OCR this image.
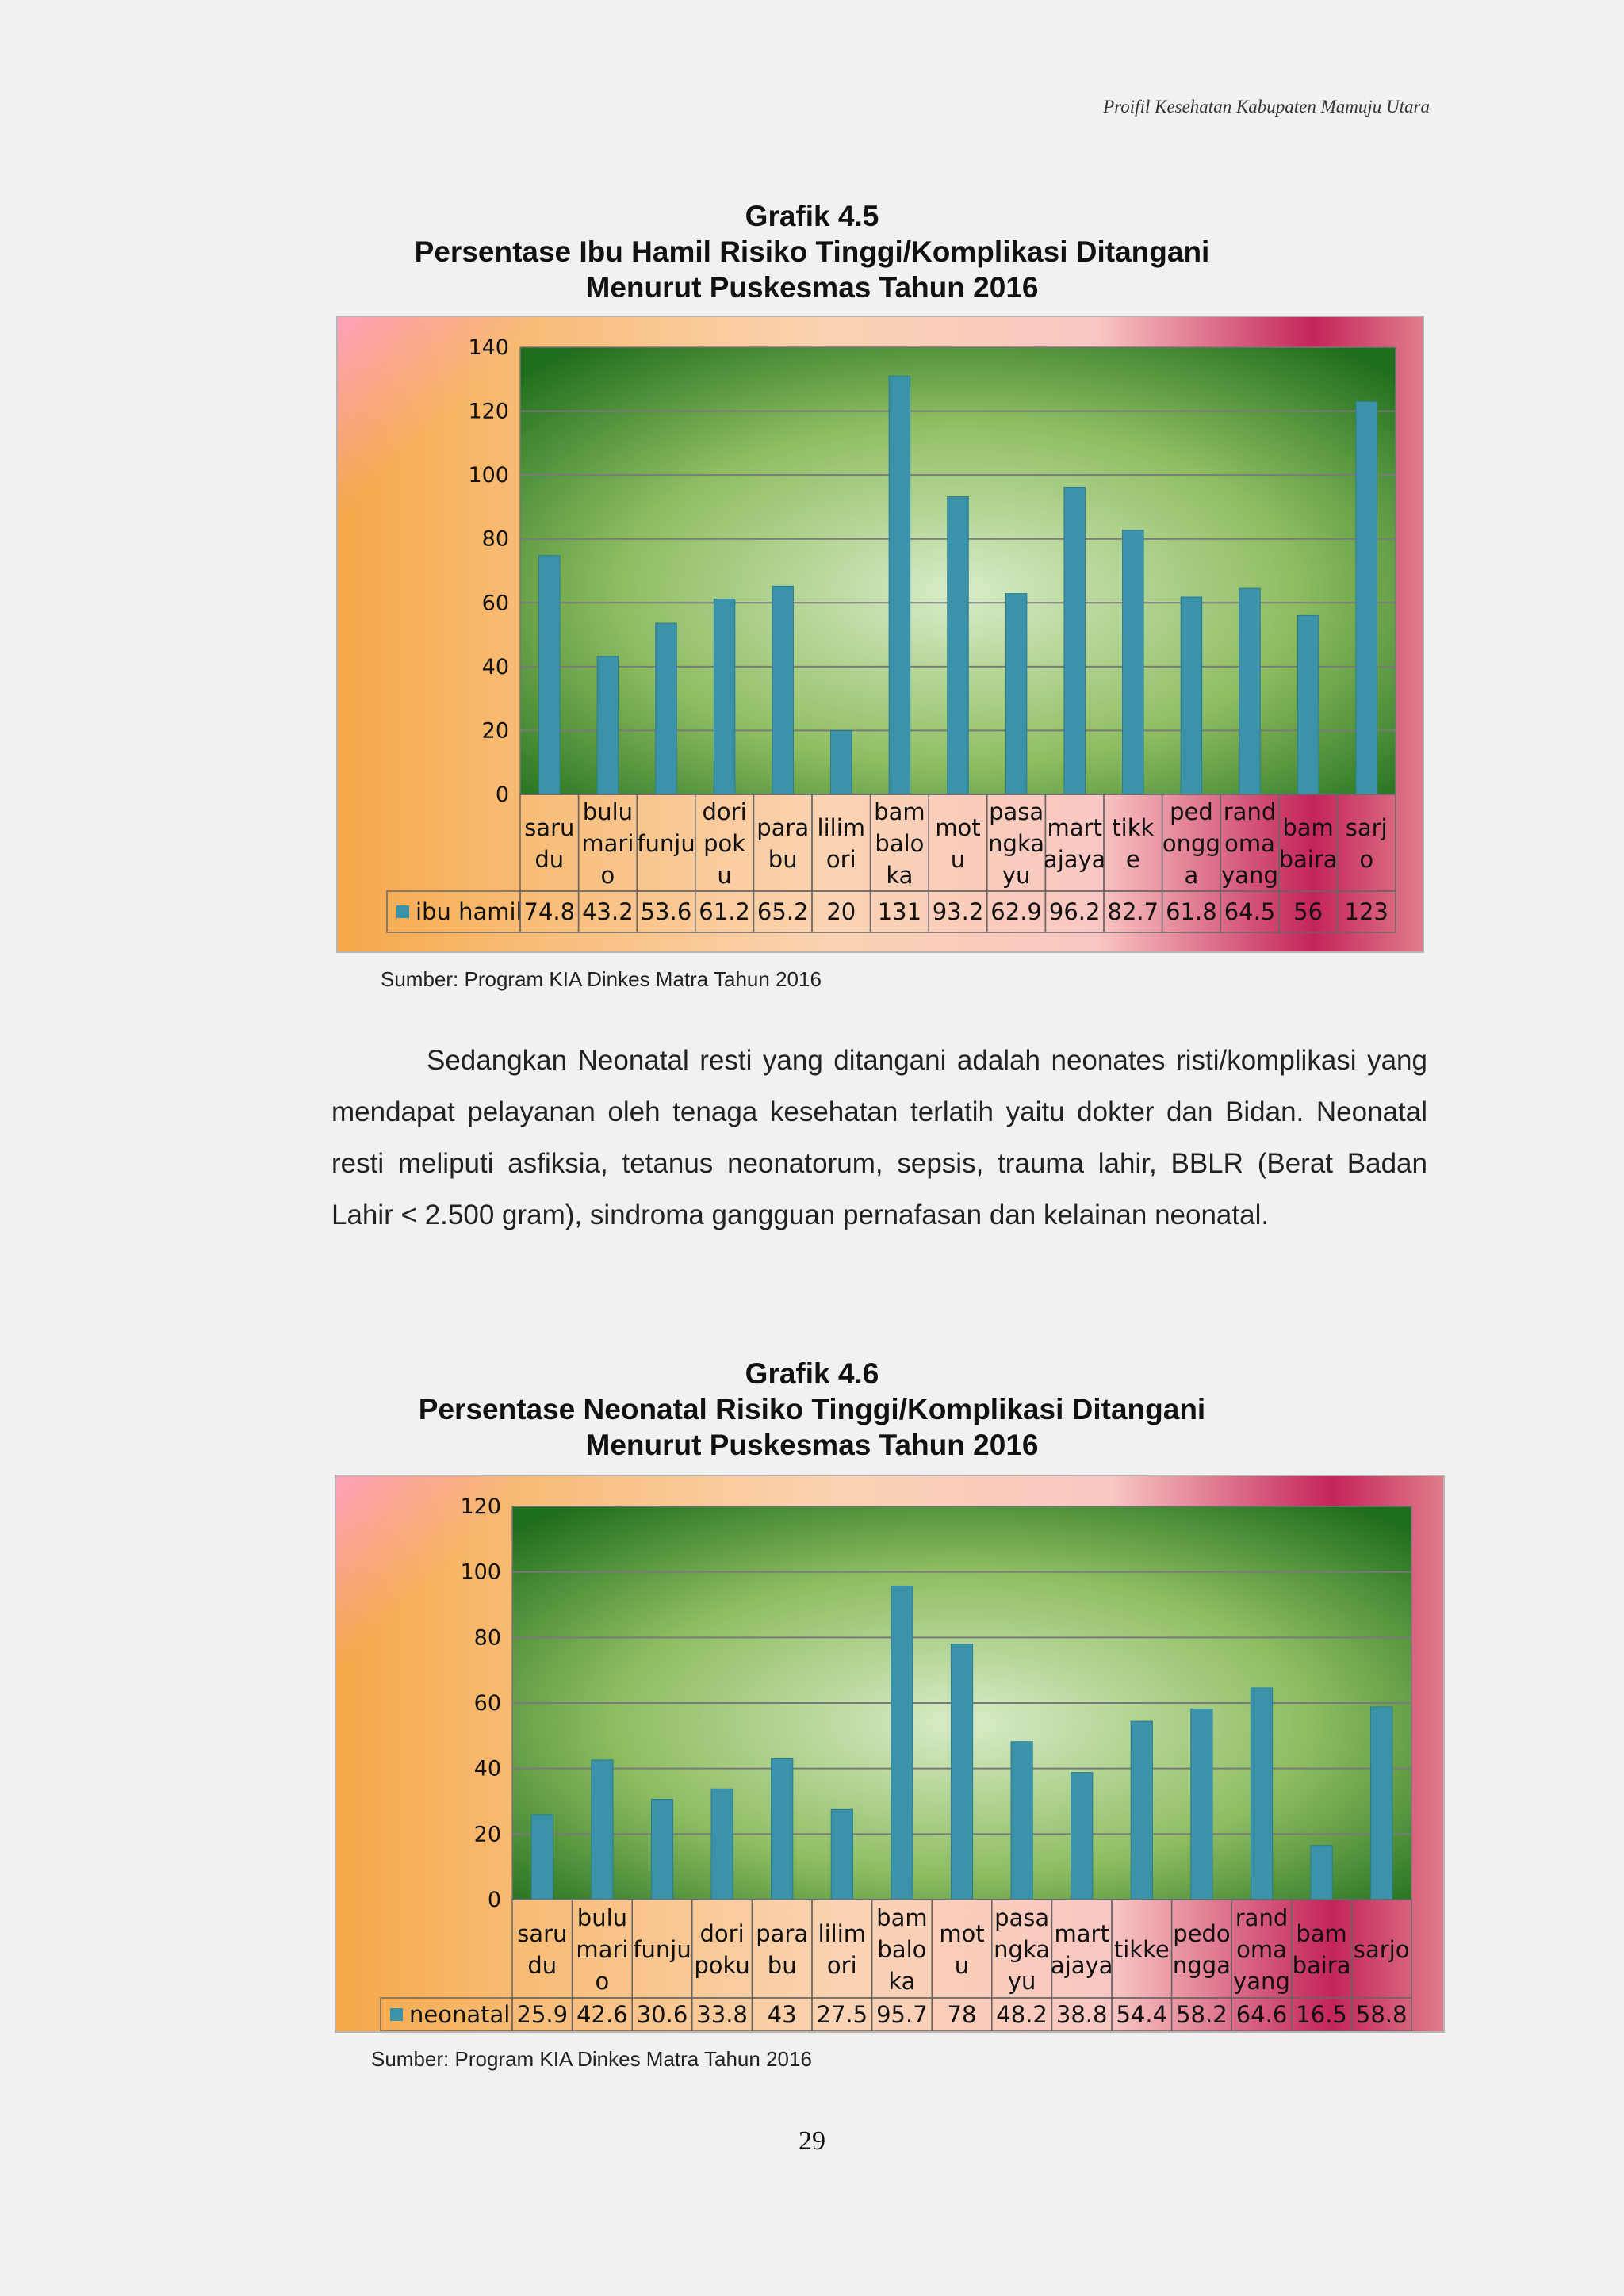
Proifil Kesehatan Kabupaten Mamuju Utara
Grafik 4.5
Persentase Ibu Hamil Risiko Tinggi/Komplikasi Ditangani
Menurut Puskesmas Tahun 2016
0
20
40
60
80
100
120
140
saru du
bulu mari o
funju
dori pok u
para bu
lilim ori
bam balo ka
mot u
pasa ngka yu
mart ajaya
tikk e
ped ongg a
rand oma yang
bam baira
sarj o
ibu hamil 74.8 43.2 53.6 61.2 65.2 20 131 93.2 62.9 96.2 82.7 61.8 64.5 56 123
Sumber: Program KIA Dinkes Matra Tahun 2016

Sedangkan Neonatal resti yang ditangani adalah neonates risti/komplikasi yang mendapat pelayanan oleh tenaga kesehatan terlatih yaitu dokter dan Bidan. Neonatal resti meliputi asfiksia, tetanus neonatorum, sepsis, trauma lahir, BBLR (Berat Badan Lahir < 2.500 gram), sindroma gangguan pernafasan dan kelainan neonatal.

Grafik 4.6
Persentase Neonatal Risiko Tinggi/Komplikasi Ditangani
Menurut Puskesmas Tahun 2016
0
20
40
60
80
100
120
saru du
bulu mari o
funju
dori poku
para bu
lilim ori
bam balo ka
mot u
pasa ngka yu
mart ajaya
tikke
pedo ngga
rand oma yang
bam baira
sarjo
neonatal 25.9 42.6 30.6 33.8 43 27.5 95.7 78 48.2 38.8 54.4 58.2 64.6 16.5 58.8
Sumber: Program KIA Dinkes Matra Tahun 2016
29
